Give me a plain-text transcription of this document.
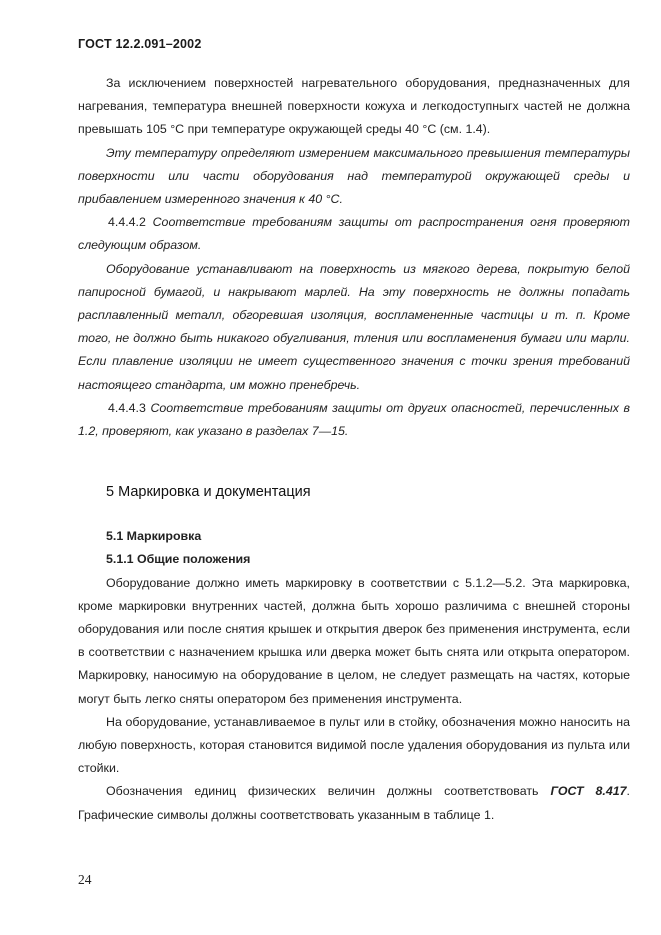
ГОСТ 12.2.091–2002

За исключением поверхностей нагревательного оборудования, предназначенных для нагревания, температура внешней поверхности кожуха и легкодоступныгх частей не должна превышать 105 °С при температуре окружающей среды 40 °С (см. 1.4).

Эту температуру определяют измерением максимального превышения температуры поверхности или части оборудования над температурой окружающей среды и прибавлением измеренного значения к 40 °С.

4.4.4.2 Соответствие требованиям защиты от распространения огня проверяют следующим образом.

Оборудование устанавливают на поверхность из мягкого дерева, покрытую белой папиросной бумагой, и накрывают марлей. На эту поверхность не должны попадать расплавленный металл, обгоревшая изоляция, воспламененные частицы и т. п. Кроме того, не должно быть никакого обугливания, тления или воспламенения бумаги или марли. Если плавление изоляции не имеет существенного значения с точки зрения требований настоящего стандарта, им можно пренебречь.

4.4.4.3 Соответствие требованиям защиты от других опасностей, перечисленных в 1.2, проверяют, как указано в разделах 7—15.

5 Маркировка и документация
5.1 Маркировка
5.1.1 Общие положения

Оборудование должно иметь маркировку в соответствии с 5.1.2—5.2. Эта маркировка, кроме маркировки внутренних частей, должна быть хорошо различима с внешней стороны оборудования или после снятия крышек и открытия дверок без применения инструмента, если в соответствии с назначением крышка или дверка может быть снята или открыта оператором. Маркировку, наносимую на оборудование в целом, не следует размещать на частях, которые могут быть легко сняты оператором без применения инструмента.

На оборудование, устанавливаемое в пульт или в стойку, обозначения можно наносить на любую поверхность, которая становится видимой после удаления оборудования из пульта или стойки.

Обозначения единиц физических величин должны соответствовать ГОСТ 8.417. Графические символы должны соответствовать указанным в таблице 1.

24
